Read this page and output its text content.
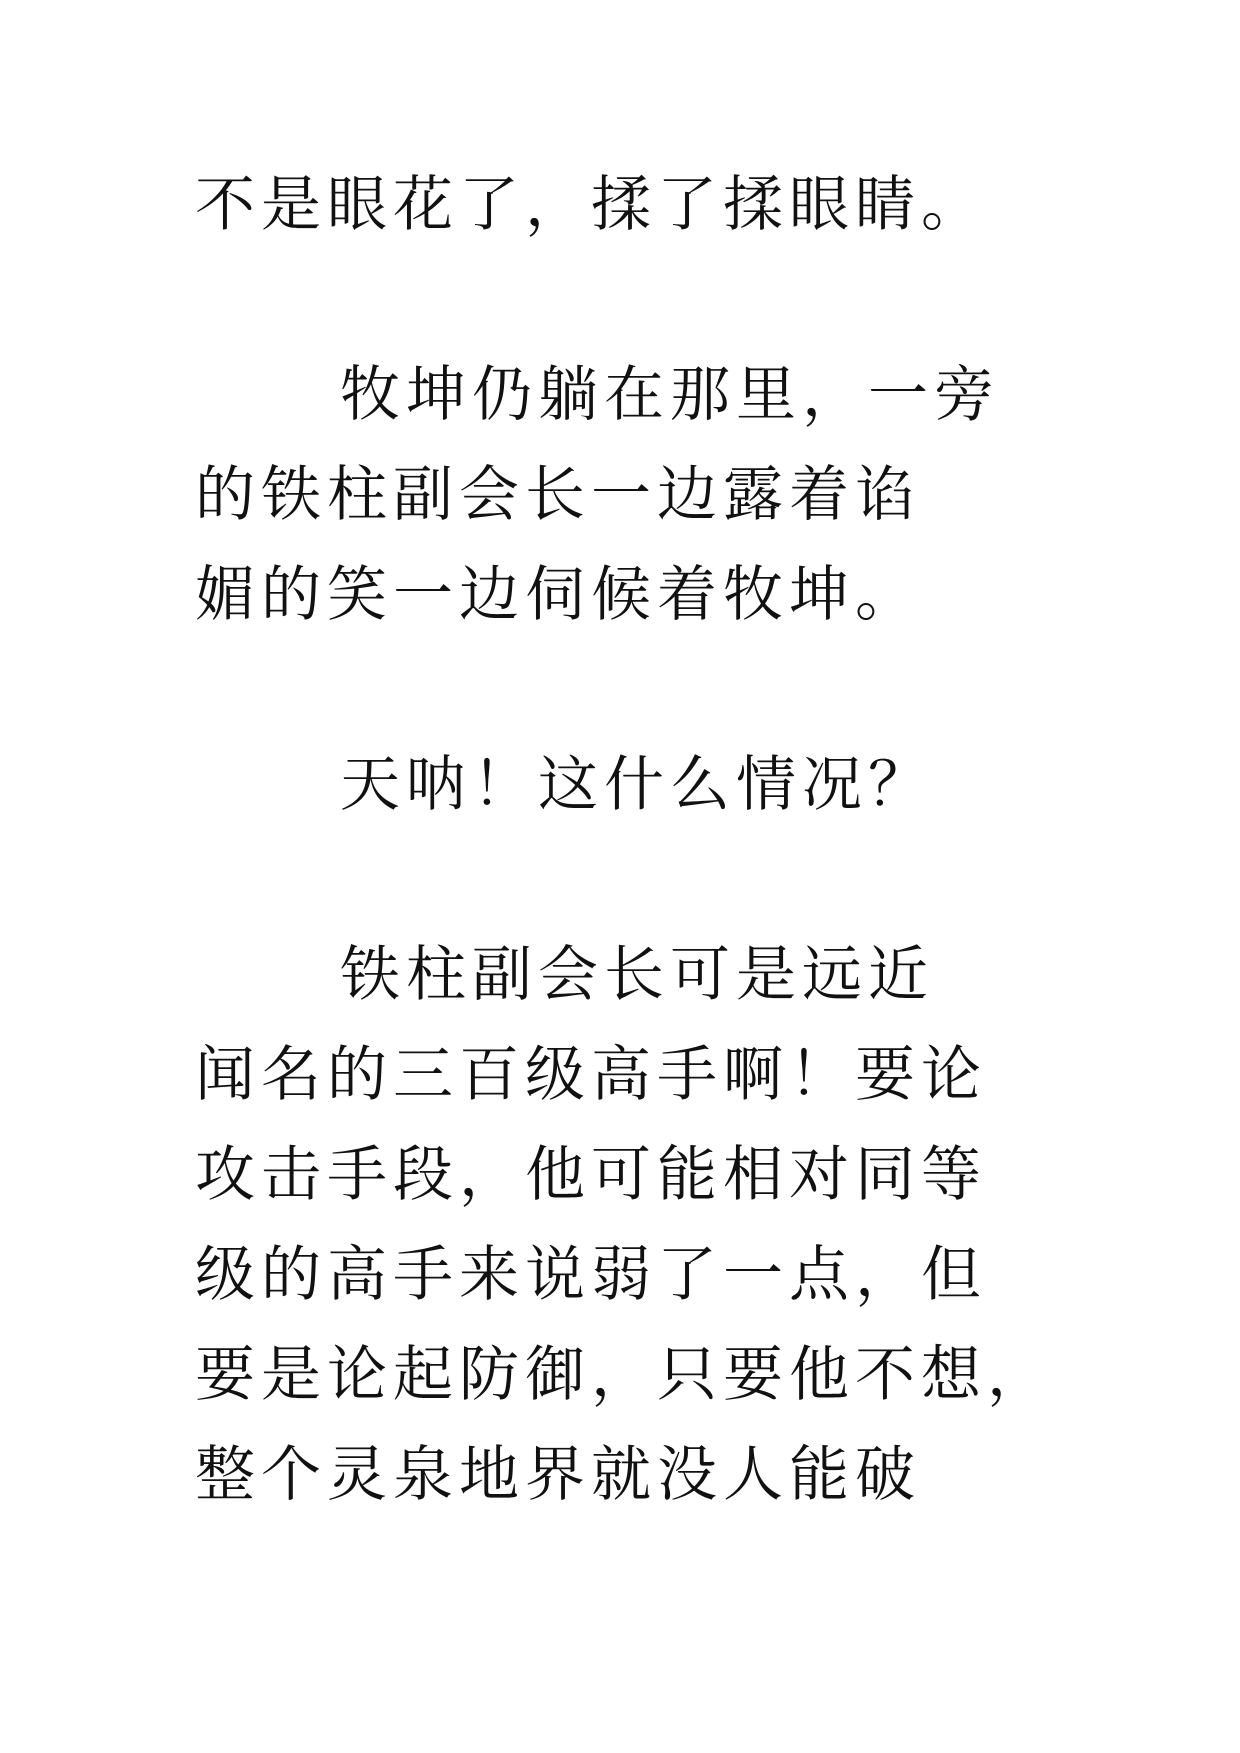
不是眼花了，揉了揉眼睛。
牧坤仍躺在那里，一旁
的铁柱副会长一边露着谄
媚的笑一边伺候着牧坤。
天呐！这什么情况？
铁柱副会长可是远近
闻名的三百级高手啊！要论
攻击手段，他可能相对同等
级的高手来说弱了一点，但
要是论起防御，只要他不想，
整个灵泉地界就没人能破
